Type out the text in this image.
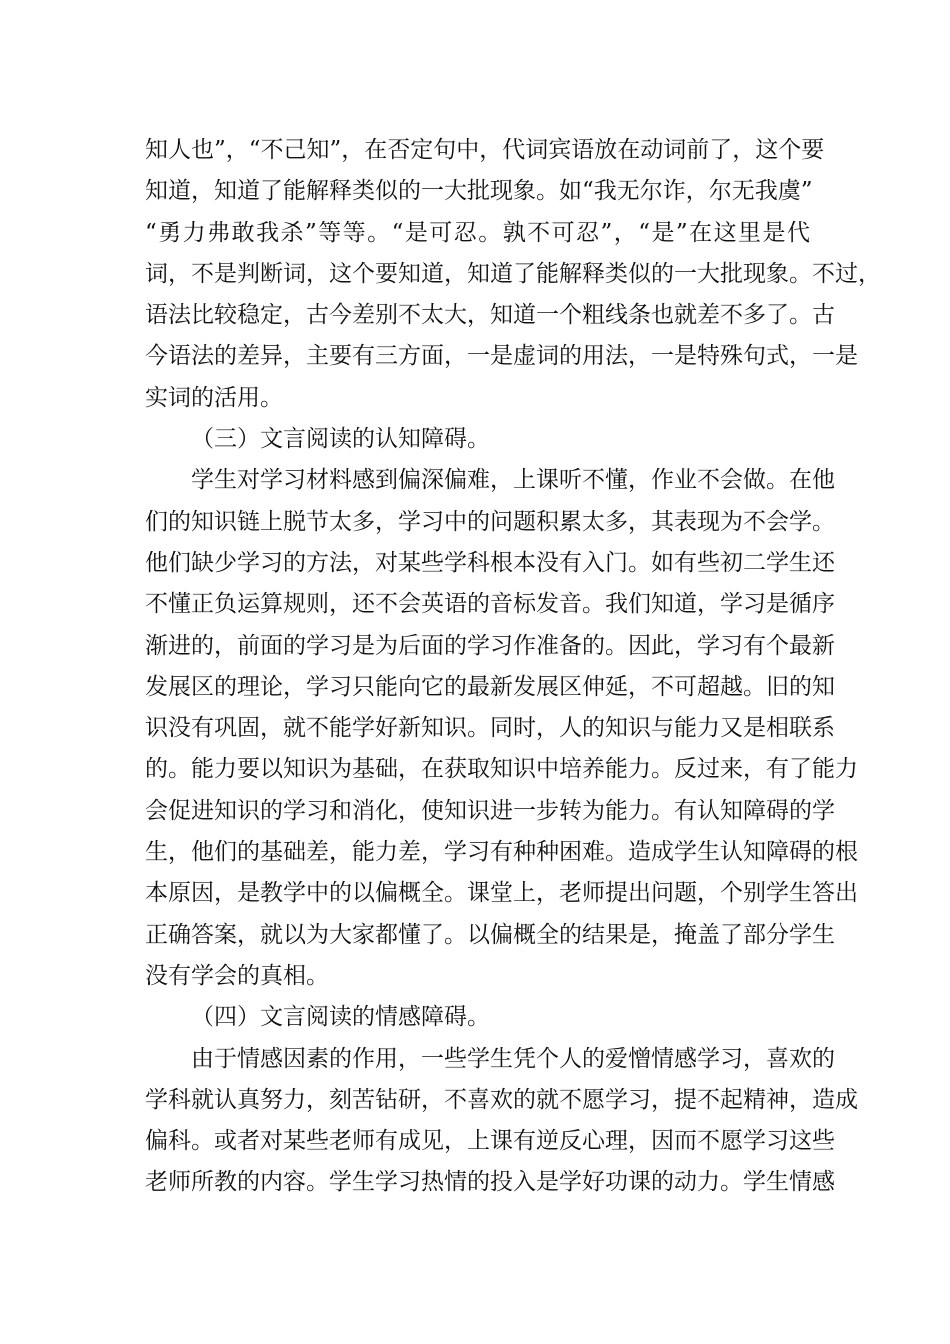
知人也”，“不己知”，在否定句中，代词宾语放在动词前了，这个要
知道，知道了能解释类似的一大批现象。如“我无尔诈，尔无我虞”
“勇力弗敢我杀”等等。“是可忍。孰不可忍”，“是”在这里是代
词，不是判断词，这个要知道，知道了能解释类似的一大批现象。不过，
语法比较稳定，古今差别不太大，知道一个粗线条也就差不多了。古
今语法的差异，主要有三方面，一是虚词的用法，一是特殊句式，一是
实词的活用。
（三）文言阅读的认知障碍。
学生对学习材料感到偏深偏难，上课听不懂，作业不会做。在他
们的知识链上脱节太多，学习中的问题积累太多，其表现为不会学。
他们缺少学习的方法，对某些学科根本没有入门。如有些初二学生还
不懂正负运算规则，还不会英语的音标发音。我们知道，学习是循序
渐进的，前面的学习是为后面的学习作准备的。因此，学习有个最新
发展区的理论，学习只能向它的最新发展区伸延，不可超越。旧的知
识没有巩固，就不能学好新知识。同时，人的知识与能力又是相联系
的。能力要以知识为基础，在获取知识中培养能力。反过来，有了能力
会促进知识的学习和消化，使知识进一步转为能力。有认知障碍的学
生，他们的基础差，能力差，学习有种种困难。造成学生认知障碍的根
本原因，是教学中的以偏概全。课堂上，老师提出问题，个别学生答出
正确答案，就以为大家都懂了。以偏概全的结果是，掩盖了部分学生
没有学会的真相。
（四）文言阅读的情感障碍。
由于情感因素的作用，一些学生凭个人的爱憎情感学习，喜欢的
学科就认真努力，刻苦钻研，不喜欢的就不愿学习，提不起精神，造成
偏科。或者对某些老师有成见，上课有逆反心理，因而不愿学习这些
老师所教的内容。学生学习热情的投入是学好功课的动力。学生情感
